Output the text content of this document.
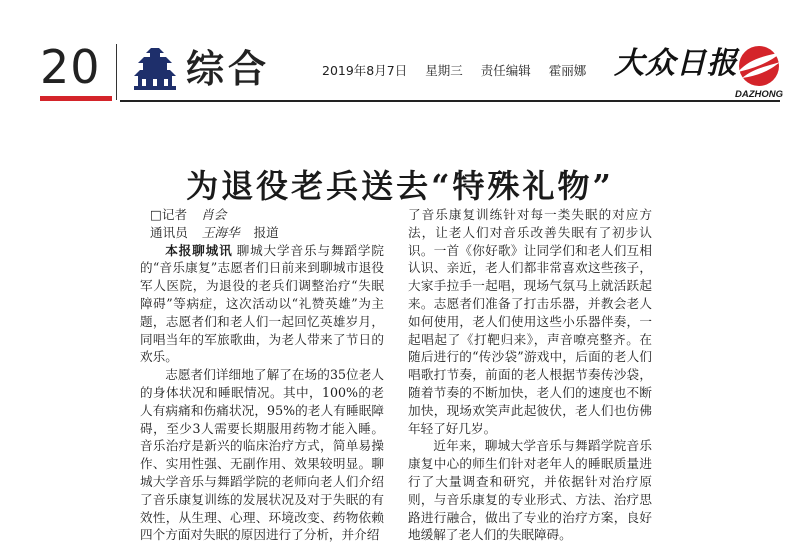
20 综合	2019年8月7日 星期三 责任编辑 霍丽娜 大众日报
DAZHONG
为退役老兵送去“特殊礼物”
□记者 肖会
通讯员 王海华 报道

本报聊城讯 聊城大学音乐与舞蹈学院的“音乐康复”志愿者们日前来到聊城市退役军人医院，为退役的老兵们调整治疗“失眠障碍”等病症，这次活动以“礼赞英雄”为主题，志愿者们和老人们一起回忆英雄岁月，同唱当年的军旅歌曲，为老人带来了节日的欢乐。

志愿者们详细地了解了在场的35位老人的身体状况和睡眠情况。其中，100%的老人有病痛和伤痛状况，95%的老人有睡眠障碍，至少3人需要长期服用药物才能入睡。音乐治疗是新兴的临床治疗方式，简单易操作、实用性强、无副作用、效果较明显。聊城大学音乐与舞蹈学院的老师向老人们介绍了音乐康复训练的发展状况及对于失眠的有效性，从生理、心理、环境改变、药物依赖四个方面对失眠的原因进行了分析，并介绍

了音乐康复训练针对每一类失眠的对应方法，让老人们对音乐改善失眠有了初步认识。一首《你好歌》让同学们和老人们互相认识、亲近，老人们都非常喜欢这些孩子，大家手拉手一起唱，现场气氛马上就活跃起来。志愿者们准备了打击乐器，并教会老人如何使用，老人们使用这些小乐器伴奏，一起唱起了《打靶归来》，声音嘹亮整齐。在随后进行的“传沙袋”游戏中，后面的老人们唱歌打节奏，前面的老人根据节奏传沙袋，随着节奏的不断加快，老人们的速度也不断加快，现场欢笑声此起彼伏，老人们也仿佛年轻了好几岁。

近年来，聊城大学音乐与舞蹈学院音乐康复中心的师生们针对老年人的睡眠质量进行了大量调查和研究，并依据针对治疗原则，与音乐康复的专业形式、方法、治疗思路进行融合，做出了专业的治疗方案，良好地缓解了老人们的失眠障碍。
